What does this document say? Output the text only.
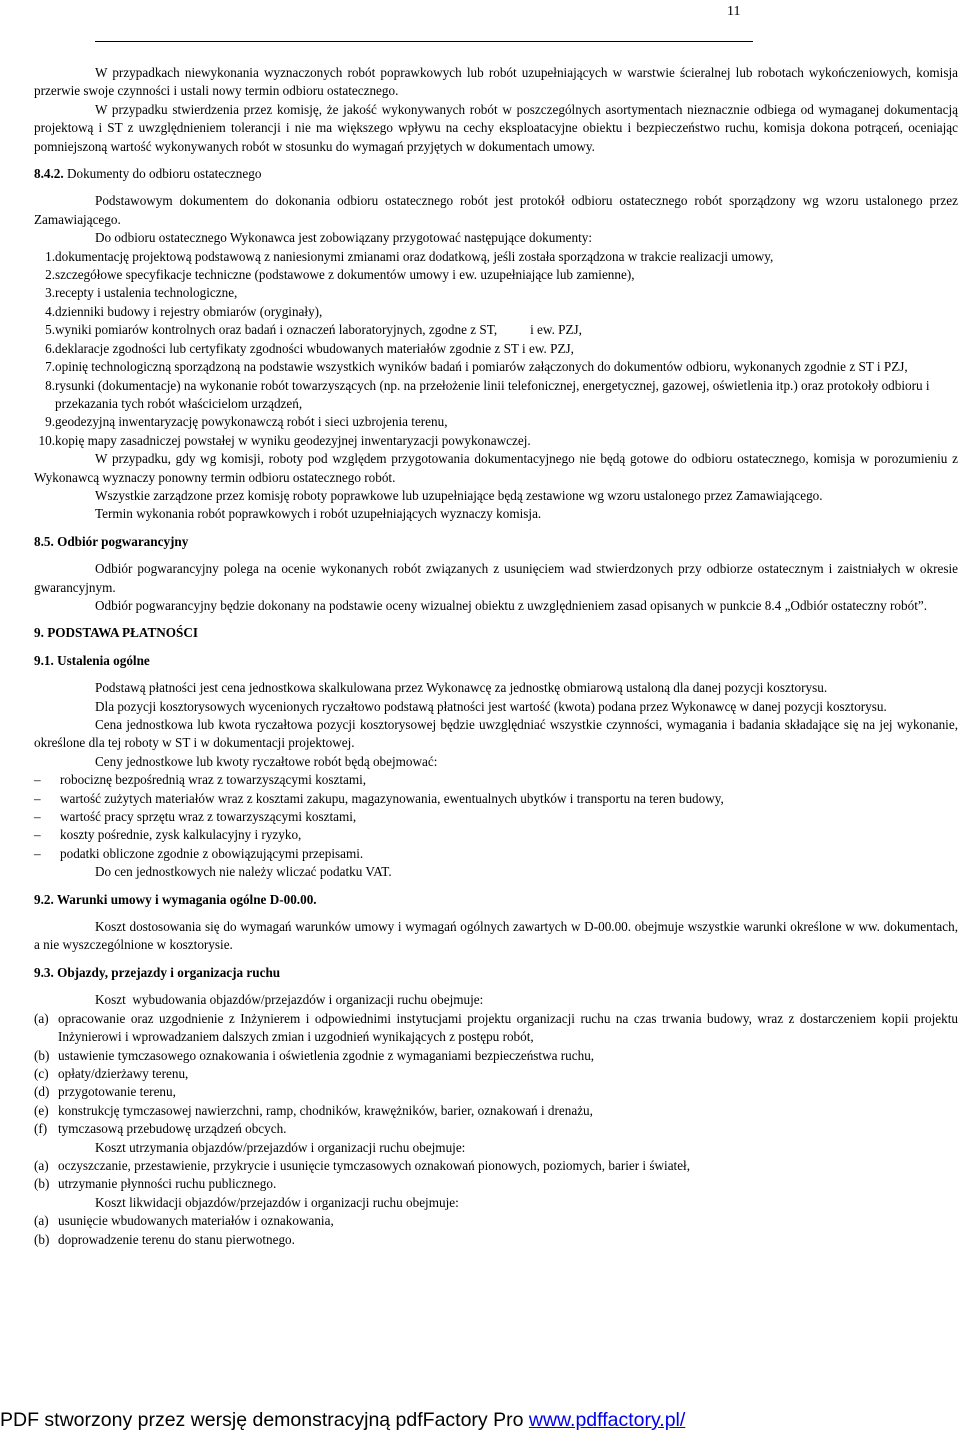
11

W przypadkach niewykonania wyznaczonych robót poprawkowych lub robót uzupełniających w warstwie ścieralnej lub robotach wykończeniowych, komisja przerwie swoje czynności i ustali nowy termin odbioru ostatecznego.

W przypadku stwierdzenia przez komisję, że jakość wykonywanych robót w poszczególnych asortymentach nieznacznie odbiega od wymaganej dokumentacją projektową i ST z uwzględnieniem tolerancji i nie ma większego wpływu na cechy eksploatacyjne obiektu i bezpieczeństwo ruchu, komisja dokona potrąceń, oceniając pomniejszoną wartość wykonywanych robót w stosunku do wymagań przyjętych w dokumentach umowy.

8.4.2. Dokumenty do odbioru ostatecznego

Podstawowym dokumentem do dokonania odbioru ostatecznego robót jest protokół odbioru ostatecznego robót sporządzony wg wzoru ustalonego przez Zamawiającego.

Do odbioru ostatecznego Wykonawca jest zobowiązany przygotować następujące dokumenty:

1. dokumentację projektową podstawową z naniesionymi zmianami oraz dodatkową, jeśli została sporządzona w trakcie realizacji umowy,
2. szczegółowe specyfikacje techniczne (podstawowe z dokumentów umowy i ew. uzupełniające lub zamienne),
3. recepty i ustalenia technologiczne,
4. dzienniki budowy i rejestry obmiarów (oryginały),
5. wyniki pomiarów kontrolnych oraz badań i oznaczeń laboratoryjnych, zgodne z ST,          i ew. PZJ,
6. deklaracje zgodności lub certyfikaty zgodności wbudowanych materiałów zgodnie z ST i ew. PZJ,
7. opinię technologiczną sporządzoną na podstawie wszystkich wyników badań i pomiarów załączonych do dokumentów odbioru, wykonanych zgodnie z ST i PZJ,
8. rysunki (dokumentacje) na wykonanie robót towarzyszących (np. na przełożenie linii telefonicznej, energetycznej, gazowej, oświetlenia itp.) oraz protokoły odbioru i przekazania tych robót właścicielom urządzeń,
9. geodezyjną inwentaryzację powykonawczą robót i sieci uzbrojenia terenu,
10. kopię mapy zasadniczej powstałej w wyniku geodezyjnej inwentaryzacji powykonawczej.

W przypadku, gdy wg komisji, roboty pod względem przygotowania dokumentacyjnego nie będą gotowe do odbioru ostatecznego, komisja w porozumieniu z Wykonawcą wyznaczy ponowny termin odbioru ostatecznego robót.

Wszystkie zarządzone przez komisję roboty poprawkowe lub uzupełniające będą zestawione wg wzoru ustalonego przez Zamawiającego.

Termin wykonania robót poprawkowych i robót uzupełniających wyznaczy komisja.

8.5. Odbiór pogwarancyjny

Odbiór pogwarancyjny polega na ocenie wykonanych robót związanych z usunięciem wad stwierdzonych przy odbiorze ostatecznym i zaistniałych w okresie gwarancyjnym.

Odbiór pogwarancyjny będzie dokonany na podstawie oceny wizualnej obiektu z uwzględnieniem zasad opisanych w punkcie 8.4 „Odbiór ostateczny robót”.

9. PODSTAWA PŁATNOŚCI

9.1. Ustalenia ogólne

Podstawą płatności jest cena jednostkowa skalkulowana przez Wykonawcę za jednostkę obmiarową ustaloną dla danej pozycji kosztorysu.

Dla pozycji kosztorysowych wycenionych ryczałtowo podstawą płatności jest wartość (kwota) podana przez Wykonawcę w danej pozycji kosztorysu.

Cena jednostkowa lub kwota ryczałtowa pozycji kosztorysowej będzie uwzględniać wszystkie czynności, wymagania i badania składające się na jej wykonanie, określone dla tej roboty w ST i w dokumentacji projektowej.

Ceny jednostkowe lub kwoty ryczałtowe robót będą obejmować:

–	robociznę bezpośrednią wraz z towarzyszącymi kosztami,
–	wartość zużytych materiałów wraz z kosztami zakupu, magazynowania, ewentualnych ubytków i transportu na teren budowy,
–	wartość pracy sprzętu wraz z towarzyszącymi kosztami,
–	koszty pośrednie, zysk kalkulacyjny i ryzyko,
–	podatki obliczone zgodnie z obowiązującymi przepisami.

Do cen jednostkowych nie należy wliczać podatku VAT.

9.2. Warunki umowy i wymagania ogólne D-00.00.

Koszt dostosowania się do wymagań warunków umowy i wymagań ogólnych zawartych w D-00.00. obejmuje wszystkie warunki określone w ww. dokumentach, a nie wyszczególnione w kosztorysie.

9.3. Objazdy, przejazdy i organizacja ruchu

Koszt  wybudowania objazdów/przejazdów i organizacji ruchu obejmuje:

(a) opracowanie oraz uzgodnienie z Inżynierem i odpowiednimi instytucjami projektu organizacji ruchu na czas trwania budowy, wraz z dostarczeniem kopii projektu Inżynierowi i wprowadzaniem dalszych zmian i uzgodnień wynikających z postępu robót,
(b) ustawienie tymczasowego oznakowania i oświetlenia zgodnie z wymaganiami bezpieczeństwa ruchu,
(c) opłaty/dzierżawy terenu,
(d) przygotowanie terenu,
(e) konstrukcję tymczasowej nawierzchni, ramp, chodników, krawężników, barier, oznakowań i drenażu,
(f) tymczasową przebudowę urządzeń obcych.

Koszt utrzymania objazdów/przejazdów i organizacji ruchu obejmuje:

(a) oczyszczanie, przestawienie, przykrycie i usunięcie tymczasowych oznakowań pionowych, poziomych, barier i świateł,
(b) utrzymanie płynności ruchu publicznego.

Koszt likwidacji objazdów/przejazdów i organizacji ruchu obejmuje:

(a) usunięcie wbudowanych materiałów i oznakowania,
(b) doprowadzenie terenu do stanu pierwotnego.
PDF stworzony przez wersję demonstracyjną pdfFactory Pro www.pdffactory.pl/
